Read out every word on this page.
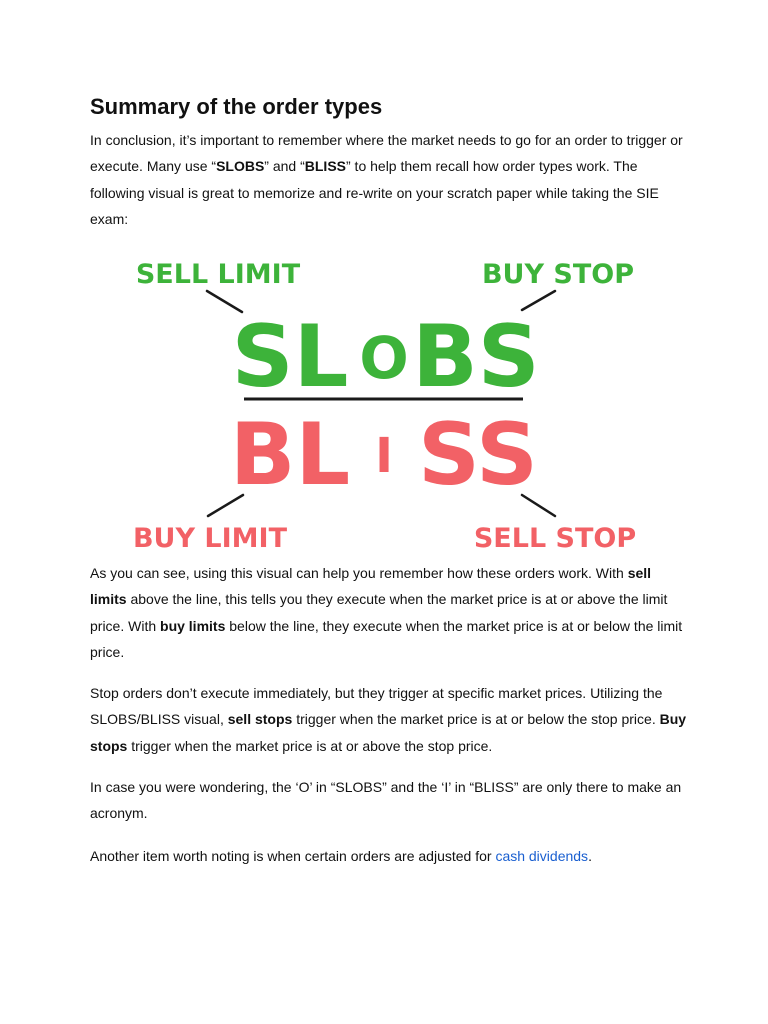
Summary of the order types

In conclusion, it’s important to remember where the market needs to go for an order to trigger or execute. Many use “SLOBS” and “BLISS” to help them recall how order types work. The following visual is great to memorize and re-write on your scratch paper while taking the SIE exam:

As you can see, using this visual can help you remember how these orders work. With sell limits above the line, this tells you they execute when the market price is at or above the limit price. With buy limits below the line, they execute when the market price is at or below the limit price.

Stop orders don’t execute immediately, but they trigger at specific market prices. Utilizing the SLOBS/BLISS visual, sell stops trigger when the market price is at or below the stop price. Buy stops trigger when the market price is at or above the stop price.

In case you were wondering, the ‘O’ in “SLOBS” and the ‘I’ in “BLISS” are only there to make an acronym.

Another item worth noting is when certain orders are adjusted for cash dividends.

SELL LIMIT	BUY STOP
BUY LIMIT	SELL STOP
SL O BS
BL I SS
